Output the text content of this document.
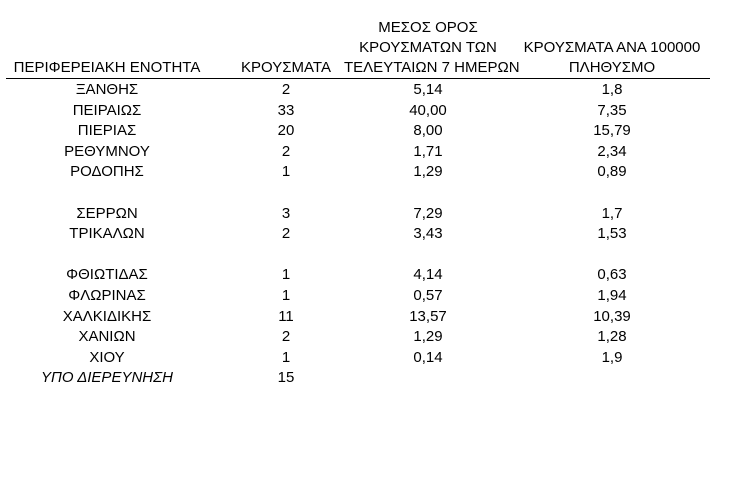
ΠΕΡΙΦΕΡΕΙΑΚΗ ΕΝΟΤΗΤΑ	ΚΡΟΥΣΜΑΤΑ
ΜΕΣΟΣ ΟΡΟΣ
ΚΡΟΥΣΜΑΤΩΝ ΤΩΝ
ΤΕΛΕΥΤΑΙΩΝ 7 ΗΜΕΡΩΝ
ΚΡΟΥΣΜΑΤΑ ΑΝΑ 100000
ΠΛΗΘΥΣΜΟ
ΞΑΝΘΗΣ	2	5,14	1,8
ΠΕΙΡΑΙΩΣ	33	40,00	7,35
ΠΙΕΡΙΑΣ	20	8,00	15,79
ΡΕΘΥΜΝΟΥ	2	1,71	2,34
ΡΟΔΟΠΗΣ	1	1,29	0,89
ΣΕΡΡΩΝ	3	7,29	1,7
ΤΡΙΚΑΛΩΝ	2	3,43	1,53
ΦΘΙΩΤΙΔΑΣ	1	4,14	0,63
ΦΛΩΡΙΝΑΣ	1	0,57	1,94
ΧΑΛΚΙΔΙΚΗΣ	11	13,57	10,39
ΧΑΝΙΩΝ	2	1,29	1,28
ΧΙΟΥ	1	0,14	1,9
ΥΠΟ ΔΙΕΡΕΥΝΗΣΗ	15
